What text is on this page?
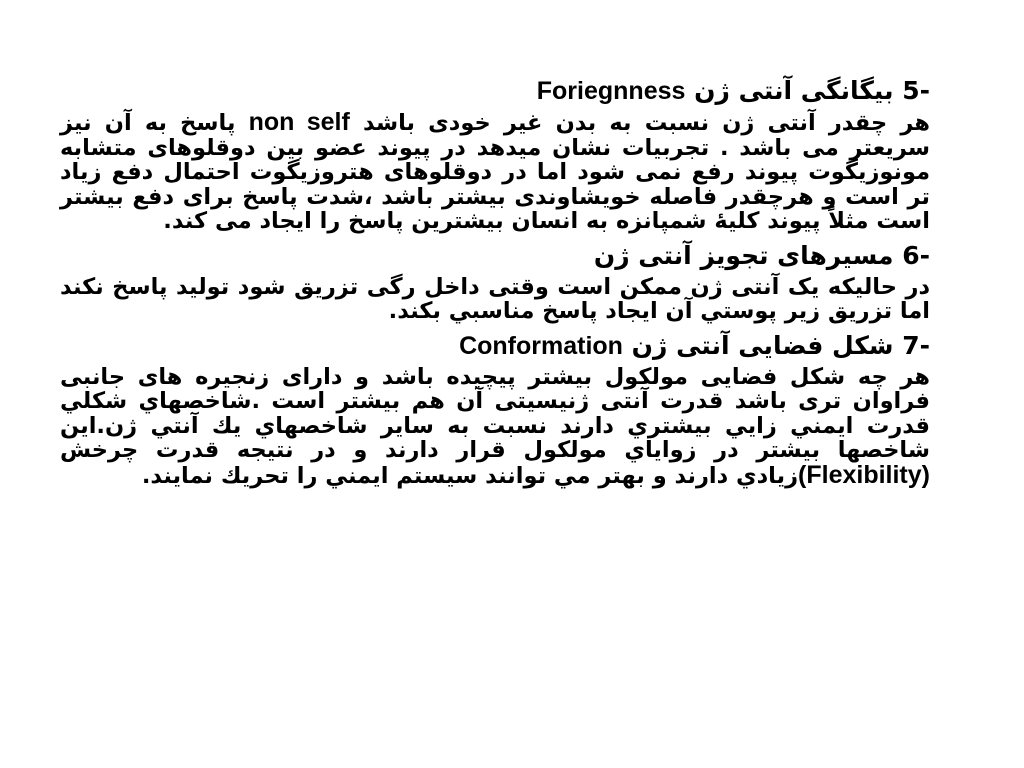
-5 بیگانگی آنتی ژن Foriegnness
هر چقدر آنتی ژن نسبت به بدن غیر خودی باشد non self پاسخ به آن نیز سریعتر می باشد . تجربیات نشان میدهد در پیوند عضو بین دوقلوهای متشابه مونوزیگوت پیوند رفع نمی شود اما در دوقلوهای هتروزیگوت احتمال دفع زیاد تر است و هرچقدر فاصله خویشاوندی بیشتر باشد ،شدت پاسخ برای دفع بیشتر است مثلاً پیوند کلیهٔ شمپانزه به انسان بیشترین پاسخ را ایجاد می کند.
-6 مسیرهای تجویز آنتی ژن
در حالیکه یک آنتی ژن ممکن است وقتی داخل رگی تزریق شود تولید پاسخ نکند اما تزريق زير پوستي آن ايجاد پاسخ مناسبي بكند.
-7 شکل فضایی آنتی ژن Conformation
هر چه شکل فضایی مولکول بیشتر پیچیده باشد و دارای زنجیره های جانبی فراوان تری باشد قدرت آنتی ژنیسیتی آن هم بیشتر است .شاخصهاي شكلي قدرت ايمني زايي بيشتري دارند نسبت به ساير شاخصهاي يك آنتي ژن.اين شاخصها بيشتر در زواياي مولكول قرار دارند و در نتيجه قدرت چرخش (Flexibility)زيادي دارند و بهتر مي توانند سيستم ايمني را تحريك نمايند.
